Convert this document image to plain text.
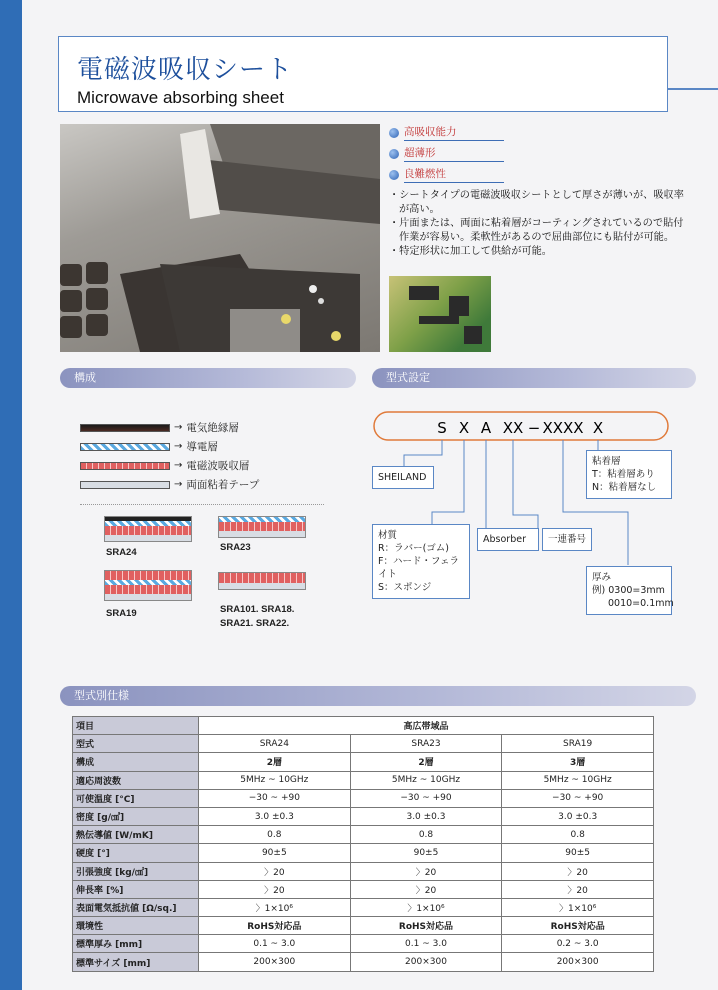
電磁波吸収シート
Microwave absorbing sheet
高吸収能力
超薄形
良難燃性
・シートタイプの電磁波吸収シートとして厚さが薄いが、吸収率が高い。
・片面または、両面に粘着層がコーティングされているので貼付作業が容易い。柔軟性があるので屈曲部位にも貼付が可能。
・特定形状に加工して供給が可能。
構成	型式設定
→ 電気絶縁層
→ 導電層
→ 電磁波吸収層
→ 両面粘着テープ
SRA24	SRA23
SRA19	SRA101. SRA18.
SRA21. SRA22.
S X A XX − XXXX X
SHEILAND
材質
R：ラバー(ゴム)
F：ハード・フェライト
S：スポンジ
Absorber	一連番号
粘着層
T：粘着層あり
N：粘着層なし
厚み
例) 0300=3mm
0010=0.1mm
型式別仕様
項目	高広帯域品		
型式	SRA24	SRA23	SRA19
構成	2層	2層	3層
適応周波数	5MHz ~ 10GHz	5MHz ~ 10GHz	5MHz ~ 10GHz
可使温度 [°C]	−30 ~ +90	−30 ~ +90	−30 ~ +90
密度 [g/㎤]	3.0 ±0.3	3.0 ±0.3	3.0 ±0.3
熱伝導値 [W/mK]	0.8	0.8	0.8
硬度 [°]	90±5	90±5	90±5
引張強度 [kg/㎠]	〉20	〉20	〉20
伸長率 [%]	〉20	〉20	〉20
表面電気抵抗値 [Ω/sq.]	〉1×10⁶	〉1×10⁶	〉1×10⁶
環境性	RoHS対応品	RoHS対応品	RoHS対応品
標準厚み [mm]	0.1 ~ 3.0	0.1 ~ 3.0	0.2 ~ 3.0
標準サイズ [mm]	200×300	200×300	200×300
